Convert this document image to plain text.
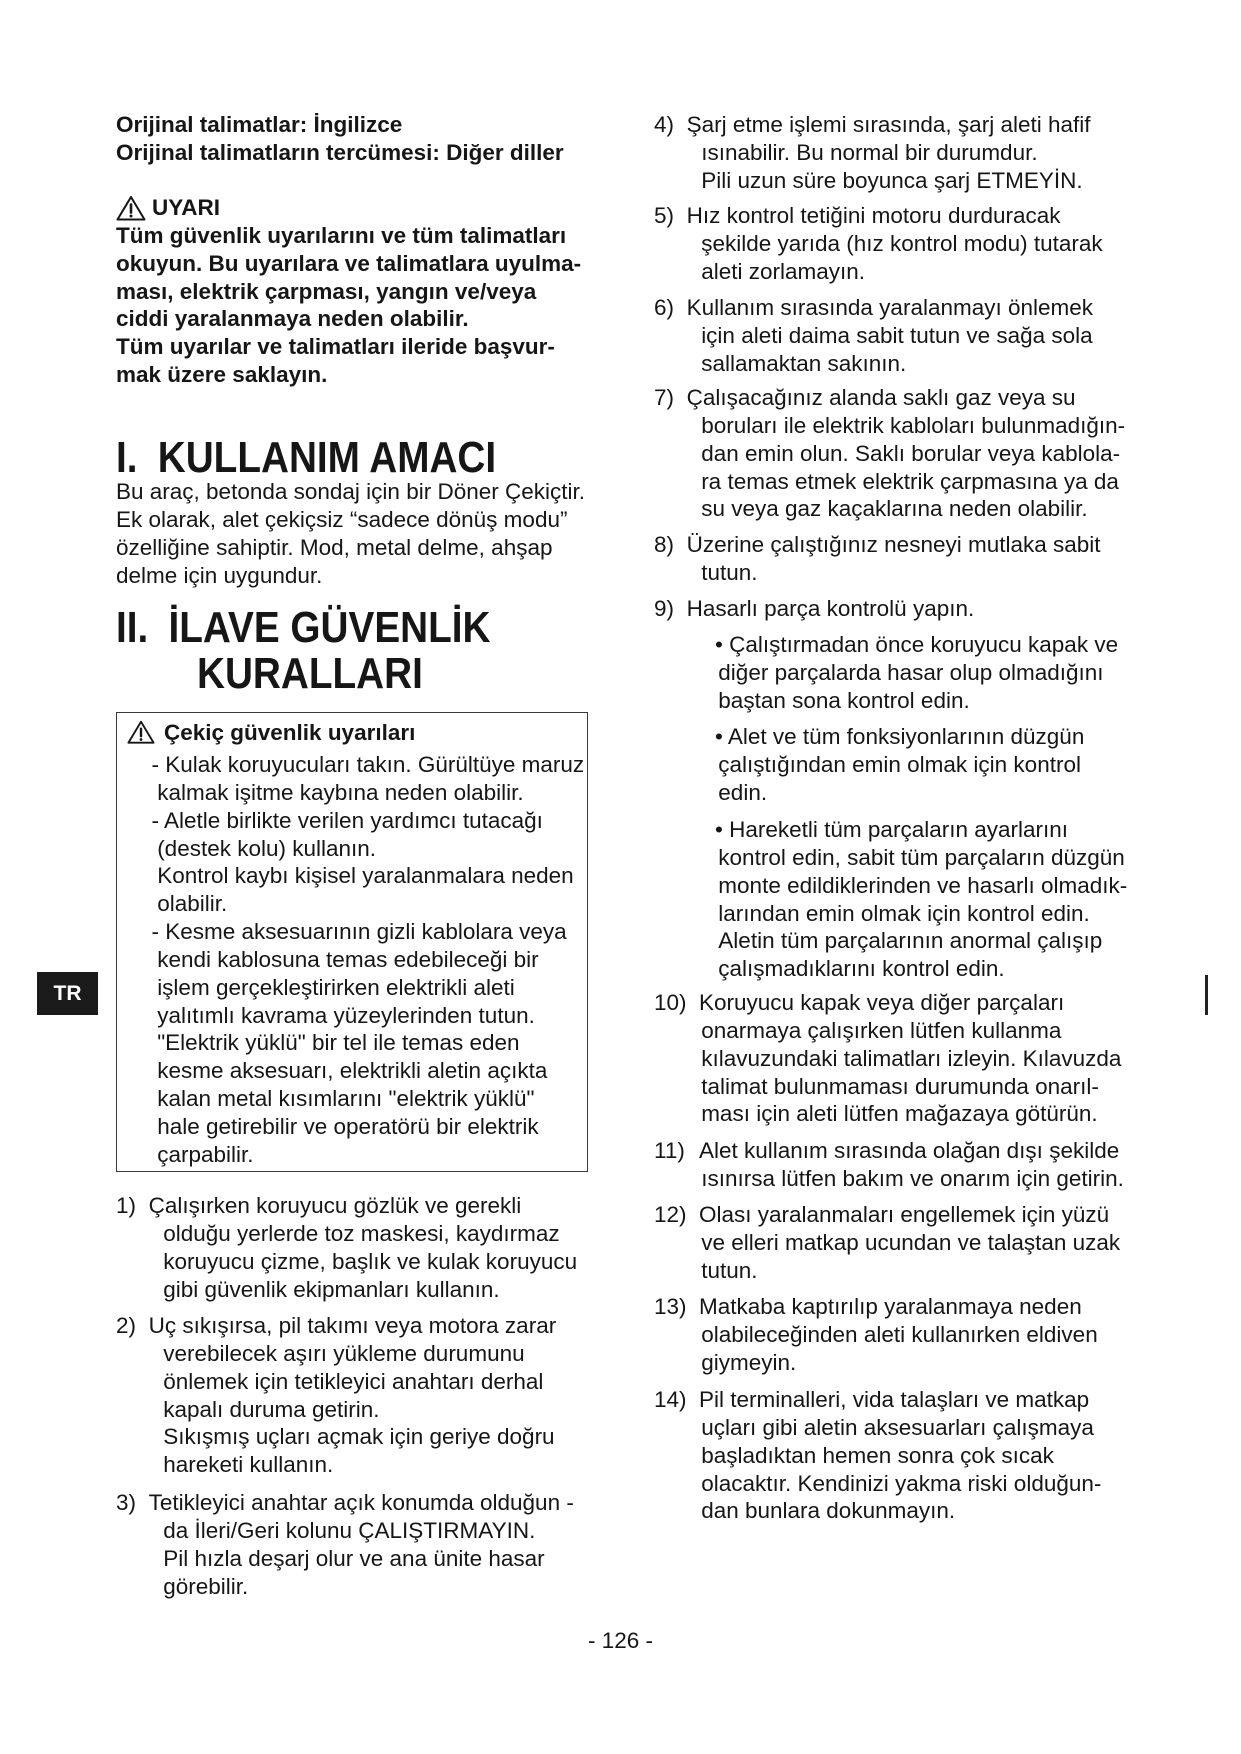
Orijinal talimatlar: İngilizce
Orijinal talimatların tercümesi: Diğer diller
UYARI
Tüm güvenlik uyarılarını ve tüm talimatları
okuyun. Bu uyarılara ve talimatlara uyulma-
ması, elektrik çarpması, yangın ve/veya
ciddi yaralanmaya neden olabilir.
Tüm uyarılar ve talimatları ileride başvur-
mak üzere saklayın.
I. KULLANIM AMACI
Bu araç, betonda sondaj için bir Döner Çekiçtir.
Ek olarak, alet çekiçsiz “sadece dönüş modu”
özelliğine sahiptir. Mod, metal delme, ahşap
delme için uygundur.
II. İLAVE GÜVENLİK
KURALLARI
Çekiç güvenlik uyarıları
- Kulak koruyucuları takın. Gürültüye maruz
kalmak işitme kaybına neden olabilir.
- Aletle birlikte verilen yardımcı tutacağı
(destek kolu) kullanın.
Kontrol kaybı kişisel yaralanmalara neden
olabilir.
- Kesme aksesuarının gizli kablolara veya
kendi kablosuna temas edebileceği bir
işlem gerçekleştirirken elektrikli aleti
yalıtımlı kavrama yüzeylerinden tutun.
"Elektrik yüklü" bir tel ile temas eden
kesme aksesuarı, elektrikli aletin açıkta
kalan metal kısımlarını "elektrik yüklü"
hale getirebilir ve operatörü bir elektrik
çarpabilir.
1) Çalışırken koruyucu gözlük ve gerekli
olduğu yerlerde toz maskesi, kaydırmaz
koruyucu çizme, başlık ve kulak koruyucu
gibi güvenlik ekipmanları kullanın.
2) Uç sıkışırsa, pil takımı veya motora zarar
verebilecek aşırı yükleme durumunu
önlemek için tetikleyici anahtarı derhal
kapalı duruma getirin.
Sıkışmış uçları açmak için geriye doğru
hareketi kullanın.
3) Tetikleyici anahtar açık konumda olduğun -
da İleri/Geri kolunu ÇALIŞTIRMAYIN.
Pil hızla deşarj olur ve ana ünite hasar
görebilir.
4) Şarj etme işlemi sırasında, şarj aleti hafif
ısınabilir. Bu normal bir durumdur.
Pili uzun süre boyunca şarj ETMEYİN.
5) Hız kontrol tetiğini motoru durduracak
şekilde yarıda (hız kontrol modu) tutarak
aleti zorlamayın.
6) Kullanım sırasında yaralanmayı önlemek
için aleti daima sabit tutun ve sağa sola
sallamaktan sakının.
7) Çalışacağınız alanda saklı gaz veya su
boruları ile elektrik kabloları bulunmadığın-
dan emin olun. Saklı borular veya kablola-
ra temas etmek elektrik çarpmasına ya da
su veya gaz kaçaklarına neden olabilir.
8) Üzerine çalıştığınız nesneyi mutlaka sabit
tutun.
9) Hasarlı parça kontrolü yapın.
• Çalıştırmadan önce koruyucu kapak ve
diğer parçalarda hasar olup olmadığını
baştan sona kontrol edin.
• Alet ve tüm fonksiyonlarının düzgün
çalıştığından emin olmak için kontrol
edin.
• Hareketli tüm parçaların ayarlarını
kontrol edin, sabit tüm parçaların düzgün
monte edildiklerinden ve hasarlı olmadık-
larından emin olmak için kontrol edin.
Aletin tüm parçalarının anormal çalışıp
çalışmadıklarını kontrol edin.
10) Koruyucu kapak veya diğer parçaları
onarmaya çalışırken lütfen kullanma
kılavuzundaki talimatları izleyin. Kılavuzda
talimat bulunmaması durumunda onarıl-
ması için aleti lütfen mağazaya götürün.
11) Alet kullanım sırasında olağan dışı şekilde
ısınırsa lütfen bakım ve onarım için getirin.
12) Olası yaralanmaları engellemek için yüzü
ve elleri matkap ucundan ve talaştan uzak
tutun.
13) Matkaba kaptırılıp yaralanmaya neden
olabileceğinden aleti kullanırken eldiven
giymeyin.
14) Pil terminalleri, vida talaşları ve matkap
uçları gibi aletin aksesuarları çalışmaya
başladıktan hemen sonra çok sıcak
olacaktır. Kendinizi yakma riski olduğun-
dan bunlara dokunmayın.
TR
- 126 -
